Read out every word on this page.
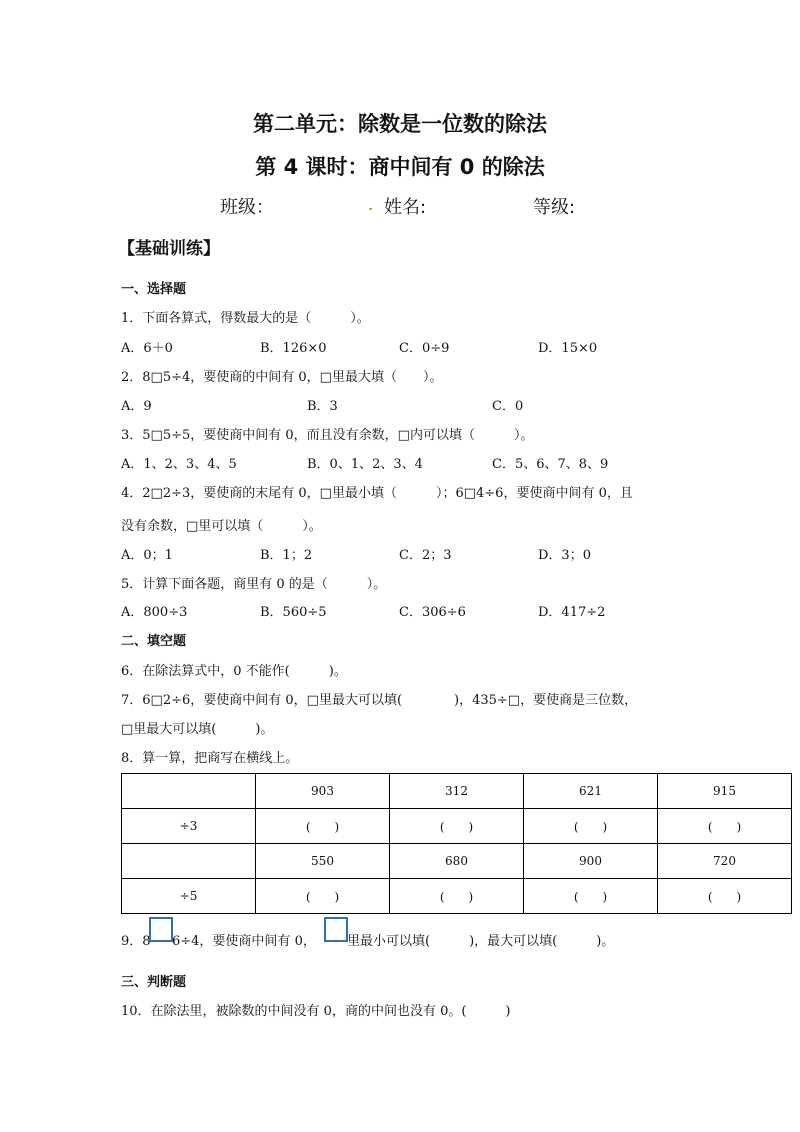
第二单元：除数是一位数的除法
第 4 课时：商中间有 0 的除法
班级：	姓名:	等级:
【基础训练】
一、选择题
1．下面各算式，得数最大的是（　　　）。
A．6＋0	B．126×0	C．0÷9	D．15×0
2．8□5÷4，要使商的中间有 0，□里最大填（　　）。
A．9	B．3	C．0
3．5□5÷5，要使商中间有 0，而且没有余数，□内可以填（　　　）。
A．1、2、3、4、5	B．0、1、2、3、4	C．5、6、7、8、9
4．2□2÷3，要使商的末尾有 0，□里最小填（　　　）；6□4÷6，要使商中间有 0，且
没有余数，□里可以填（　　　）。
A．0；1	B．1；2	C．2；3	D．3；0
5．计算下面各题，商里有 0 的是（　　　）。
A．800÷3	B．560÷5	C．306÷6	D．417÷2
二、填空题
6．在除法算式中，0 不能作(　　　)。
7．6□2÷6，要使商中间有 0，□里最大可以填(　　　　)，435÷□，要使商是三位数，
□里最大可以填(　　　)。
8．算一算，把商写在横线上。
	903	312	621	915
÷3	(　　)	(　　)	(　　)	(　　)
	550	680	900	720
÷5	(　　)	(　　)	(　　)	(　　)
9．8 6÷4，要使商中间有 0， 里最小可以填(　　　)，最大可以填(　　　)。
三、判断题
10．在除法里，被除数的中间没有 0，商的中间也没有 0。(　　　)
